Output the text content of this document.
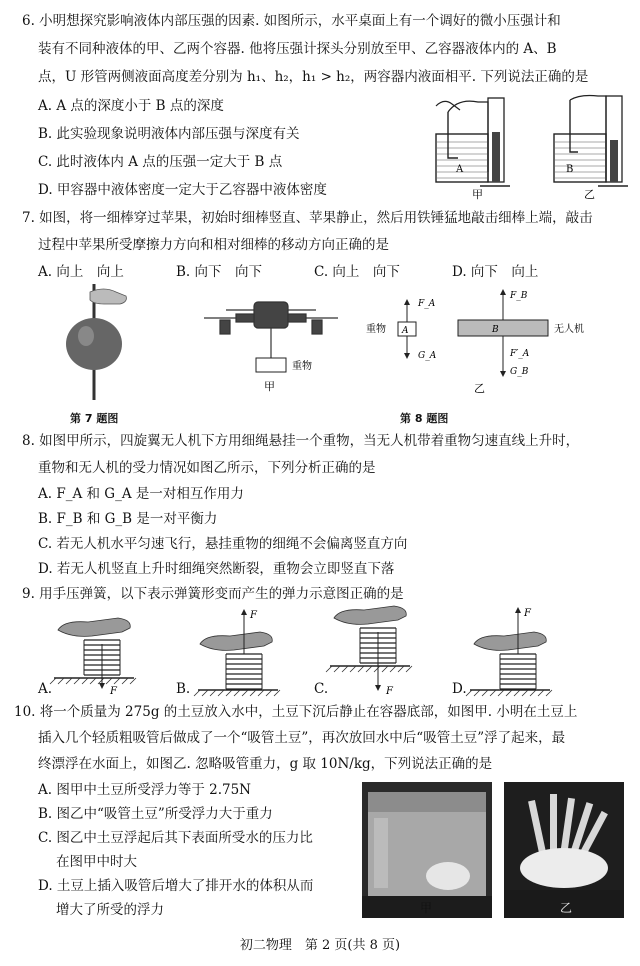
6. 小明想探究影响液体内部压强的因素. 如图所示，水平桌面上有一个调好的微小压强计和
装有不同种液体的甲、乙两个容器. 他将压强计探头分别放至甲、乙容器液体内的 A、B
点，U 形管两侧液面高度差分别为 h₁、h₂，h₁ > h₂，两容器内液面相平. 下列说法正确的是
A. A 点的深度小于 B 点的深度
B. 此实验现象说明液体内部压强与深度有关
C. 此时液体内 A 点的压强一定大于 B 点
D. 甲容器中液体密度一定大于乙容器中液体密度
A
甲
B
乙
7. 如图，将一细棒穿过苹果，初始时细棒竖直、苹果静止，然后用铁锤猛地敲击细棒上端，敲击
过程中苹果所受摩擦力方向和相对细棒的移动方向正确的是
A. 向上　向上	B. 向下　向下	C. 向上　向下	D. 向下　向上
第 7 题图
重物
甲
重物 A
F_A
G_A
B	无人机
F_B
F′_A
G_B
乙
第 8 题图
8. 如图甲所示，四旋翼无人机下方用细绳悬挂一个重物，当无人机带着重物匀速直线上升时，
重物和无人机的受力情况如图乙所示，下列分析正确的是
A. F_A 和 G_A 是一对相互作用力
B. F_B 和 G_B 是一对平衡力
C. 若无人机水平匀速飞行，悬挂重物的细绳不会偏离竖直方向
D. 若无人机竖直上升时细绳突然断裂，重物会立即竖直下落
9. 用手压弹簧，以下表示弹簧形变而产生的弹力示意图正确的是
F
F
F
F
A.	B.	C.	D.
10. 将一个质量为 275g 的土豆放入水中，土豆下沉后静止在容器底部，如图甲. 小明在土豆上
插入几个轻质粗吸管后做成了一个“吸管土豆”，再次放回水中后“吸管土豆”浮了起来，最
终漂浮在水面上，如图乙. 忽略吸管重力，g 取 10N/kg，下列说法正确的是
A. 图甲中土豆所受浮力等于 2.75N
B. 图乙中“吸管土豆”所受浮力大于重力
C. 图乙中土豆浮起后其下表面所受水的压力比
在图甲中时大
D. 土豆上插入吸管后增大了排开水的体积从而
增大了所受的浮力	甲	乙
初二物理　第 2 页(共 8 页)
